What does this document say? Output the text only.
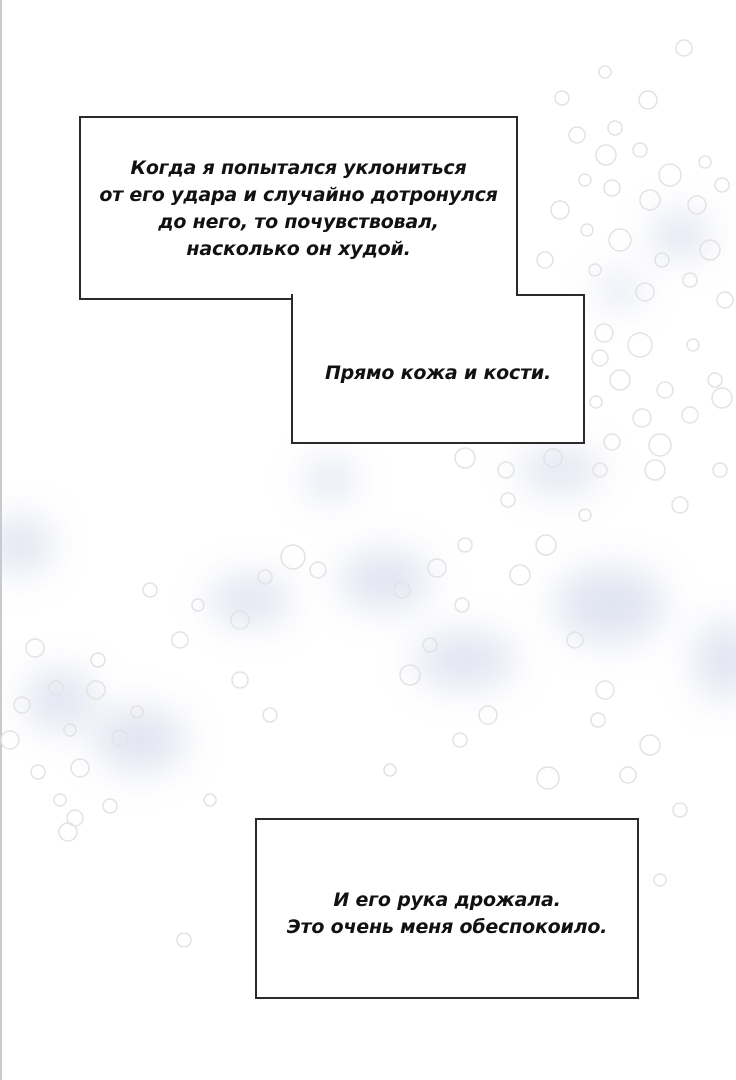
Когда я попытался уклониться
от его удара и случайно дотронулся
до него, то почувствовал,
насколько он худой.
Прямо кожа и кости.
И его рука дрожала.
Это очень меня обеспокоило.
